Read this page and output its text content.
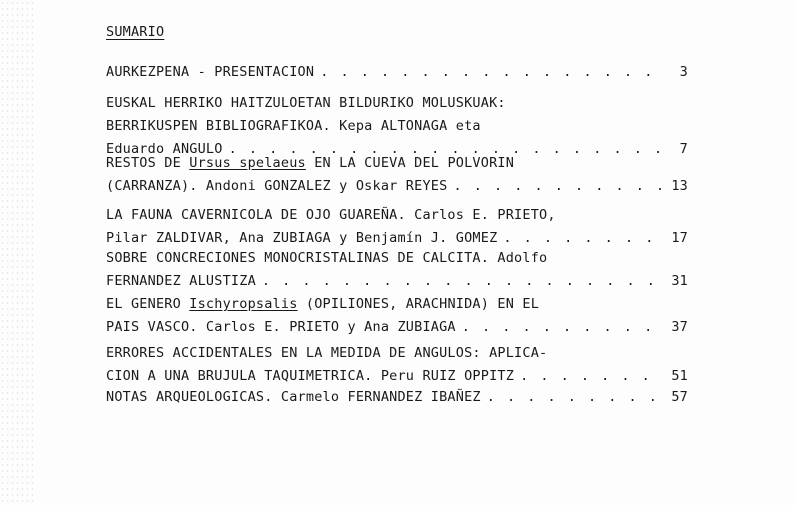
SUMARIO
AURKEZPENA - PRESENTACION . . .	3
EUSKAL HERRIKO HAITZULOETAN BILDURIKO MOLUSKUAK:
BERRIKUSPEN BIBLIOGRAFIKOA. Kepa ALTONAGA eta
Eduardo ANGULO . . .	7
RESTOS DE Ursus spelaeus EN LA CUEVA DEL POLVORIN
(CARRANZA). Andoni GONZALEZ y Oskar REYES . . .	13
LA FAUNA CAVERNICOLA DE OJO GUAREÑA. Carlos E. PRIETO,
Pilar ZALDIVAR, Ana ZUBIAGA y Benjamín J. GOMEZ . . .	17
SOBRE CONCRECIONES MONOCRISTALINAS DE CALCITA. Adolfo
FERNANDEZ ALUSTIZA . . .	31
EL GENERO Ischyropsalis (OPILIONES, ARACHNIDA) EN EL
PAIS VASCO. Carlos E. PRIETO y Ana ZUBIAGA . . .	37
ERRORES ACCIDENTALES EN LA MEDIDA DE ANGULOS: APLICA-
CION A UNA BRUJULA TAQUIMETRICA. Peru RUIZ OPPITZ . . .	51
NOTAS ARQUEOLOGICAS. Carmelo FERNANDEZ IBAÑEZ . . .	57
